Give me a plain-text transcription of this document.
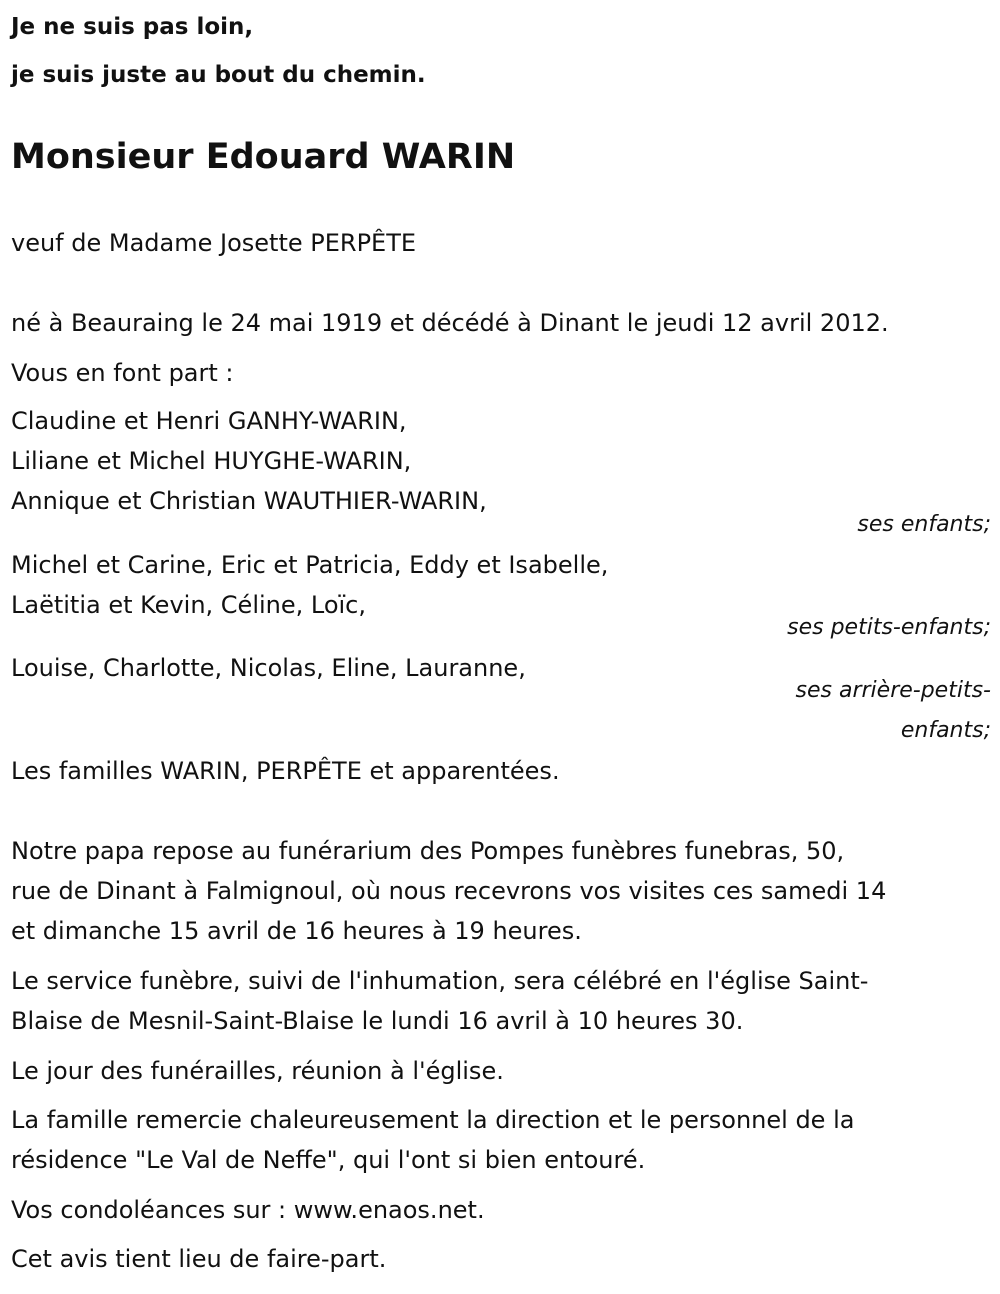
Je ne suis pas loin,
je suis juste au bout du chemin.
Monsieur Edouard WARIN
veuf de Madame Josette PERPÊTE
né à Beauraing le 24 mai 1919 et décédé à Dinant le jeudi 12 avril 2012.
Vous en font part :
Claudine et Henri GANHY-WARIN,
Liliane et Michel HUYGHE-WARIN,
Annique et Christian WAUTHIER-WARIN,
ses enfants;
Michel et Carine, Eric et Patricia, Eddy et Isabelle,
Laëtitia et Kevin, Céline, Loïc,
ses petits-enfants;
Louise, Charlotte, Nicolas, Eline, Lauranne,
ses arrière-petits-
enfants;
Les familles WARIN, PERPÊTE et apparentées.
Notre papa repose au funérarium des Pompes funèbres funebras, 50,
rue de Dinant à Falmignoul, où nous recevrons vos visites ces samedi 14
et dimanche 15 avril de 16 heures à 19 heures.
Le service funèbre, suivi de l'inhumation, sera célébré en l'église Saint-
Blaise de Mesnil-Saint-Blaise le lundi 16 avril à 10 heures 30.
Le jour des funérailles, réunion à l'église.
La famille remercie chaleureusement la direction et le personnel de la
résidence "Le Val de Neffe", qui l'ont si bien entouré.
Vos condoléances sur : www.enaos.net.
Cet avis tient lieu de faire-part.
